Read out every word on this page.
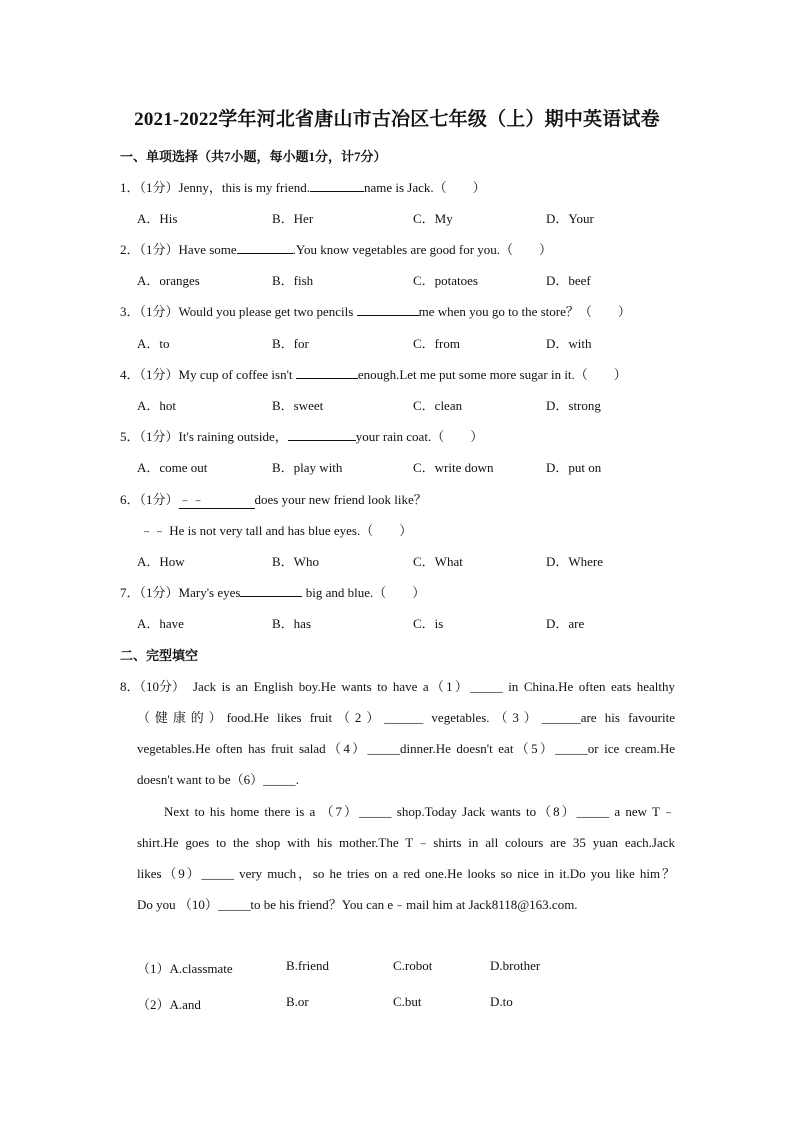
2021-2022学年河北省唐山市古冶区七年级（上）期中英语试卷
一、单项选择（共7小题，每小题1分，计7分）
1．（1分）Jenny，this is my friend.	name is Jack.（　　）
A．His	B．Her	C．My	D．Your
2．（1分）Have some	.You know vegetables are good for you.（　　）
A．oranges	B．fish	C．potatoes	D．beef
3．（1分）Would you please get two pencils	me when you go to the store？（　　）
A．to	B．for	C．from	D．with
4．（1分）My cup of coffee isn't	enough.Let me put some more sugar in it.（　　）
A．hot	B．sweet	C．clean	D．strong
5．（1分）It's raining outside，	your rain coat.（　　）
A．come out	B．play with	C．write down	D．put on
6．（1分）﹣﹣	does your new friend look like？
﹣﹣ He is not very tall and has blue eyes.（　　）
A．How	B．Who	C．What	D．Where
7．（1分）Mary's eyes	big and blue.（　　）
A．have	B．has	C．is	D．are
二、完型填空
8．（10分） Jack is an English boy.He wants to have a（1）_____ in China.He often eats healthy
（健康的）food.He likes fruit（2）______ vegetables.（3）______are his favourite
vegetables.He often has fruit salad（4）_____dinner.He doesn't eat（5）_____or ice cream.He
doesn't want to be（6）_____.
Next to his home there is a （7）_____ shop.Today Jack wants to（8）_____ a new T﹣
shirt.He goes to the shop with his mother.The T﹣shirts in all colours are 35 yuan each.Jack
likes（9）_____ very much，so he tries on a red one.He looks so nice in it.Do you like him？
Do you （10）_____to be his friend？You can e﹣mail him at Jack8118@163.com.
（1）A.classmate	B.friend	C.robot	D.brother
（2）A.and	B.or	C.but	D.to
